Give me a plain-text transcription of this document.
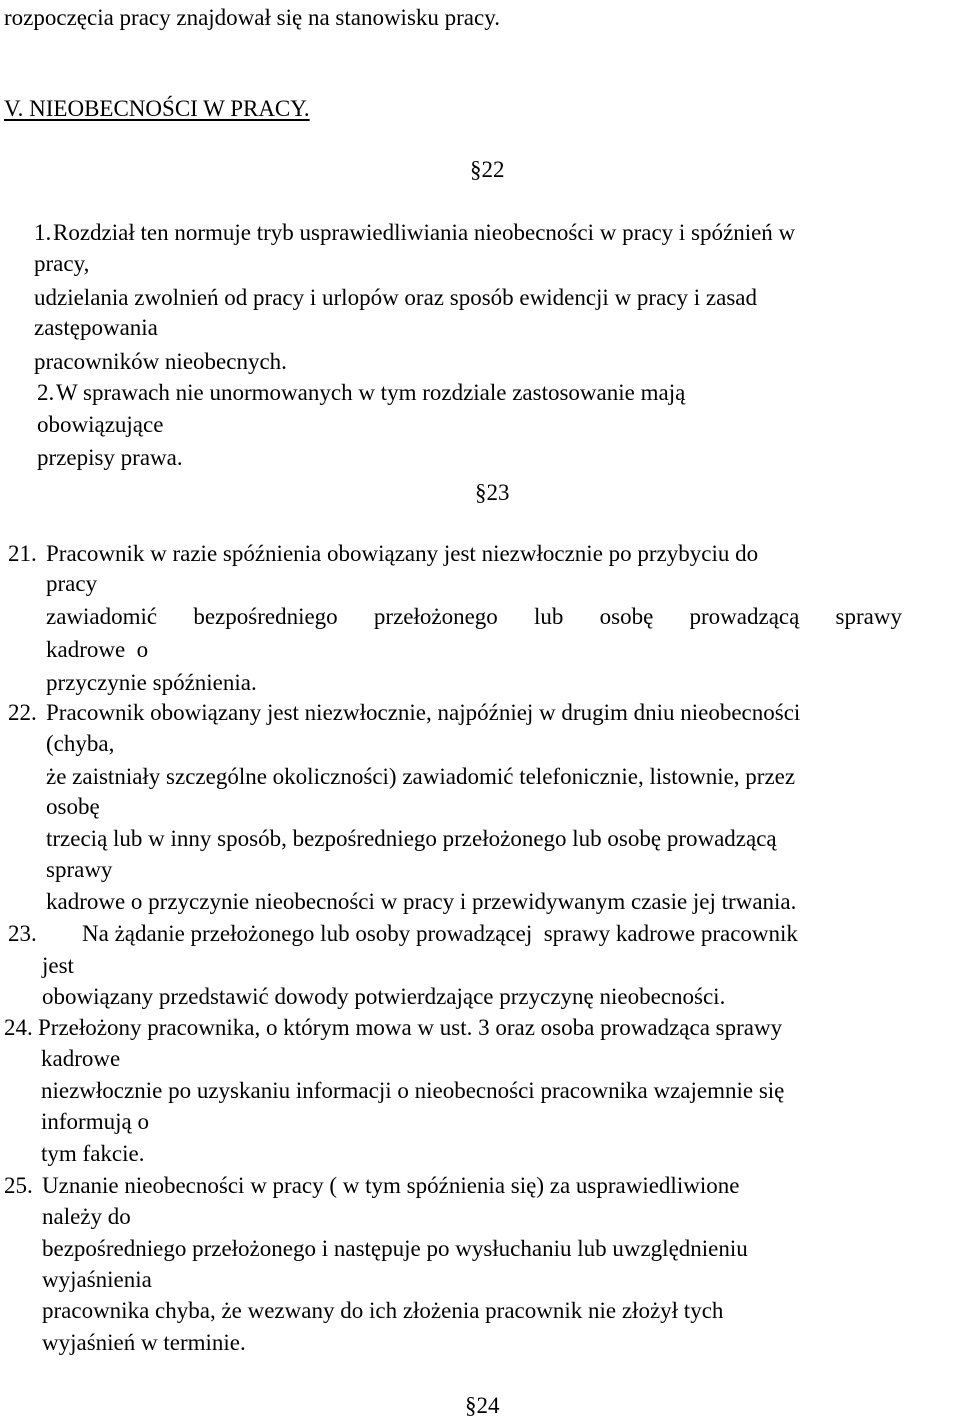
rozpoczęcia pracy znajdował się na stanowisku pracy.
V. NIEOBECNOŚCI W PRACY.
§22
1. Rozdział ten normuje tryb usprawiedliwiania nieobecności w pracy i spóźnień w
pracy,
udzielania zwolnień od pracy i urlopów oraz sposób ewidencji w pracy i zasad
zastępowania
pracowników nieobecnych.
2. W sprawach nie unormowanych w tym rozdziale zastosowanie mają
obowiązujące
przepisy prawa.
§23
21. Pracownik w razie spóźnienia obowiązany jest niezwłocznie po przybyciu do
pracy
zawiadomić bezpośredniego przełożonego lub osobę prowadzącą sprawy
kadrowe  o
przyczynie spóźnienia.
22. Pracownik obowiązany jest niezwłocznie, najpóźniej w drugim dniu nieobecności
(chyba,
że zaistniały szczególne okoliczności) zawiadomić telefonicznie, listownie, przez
osobę
trzecią lub w inny sposób, bezpośredniego przełożonego lub osobę prowadzącą
sprawy
kadrowe o przyczynie nieobecności w pracy i przewidywanym czasie jej trwania.
23. Na żądanie przełożonego lub osoby prowadzącej  sprawy kadrowe pracownik
jest
obowiązany przedstawić dowody potwierdzające przyczynę nieobecności.
24. Przełożony pracownika, o którym mowa w ust. 3 oraz osoba prowadząca sprawy
kadrowe
niezwłocznie po uzyskaniu informacji o nieobecności pracownika wzajemnie się
informują o
tym fakcie.
25. Uznanie nieobecności w pracy ( w tym spóźnienia się) za usprawiedliwione
należy do
bezpośredniego przełożonego i następuje po wysłuchaniu lub uwzględnieniu
wyjaśnienia
pracownika chyba, że wezwany do ich złożenia pracownik nie złożył tych
wyjaśnień w terminie.
§24
